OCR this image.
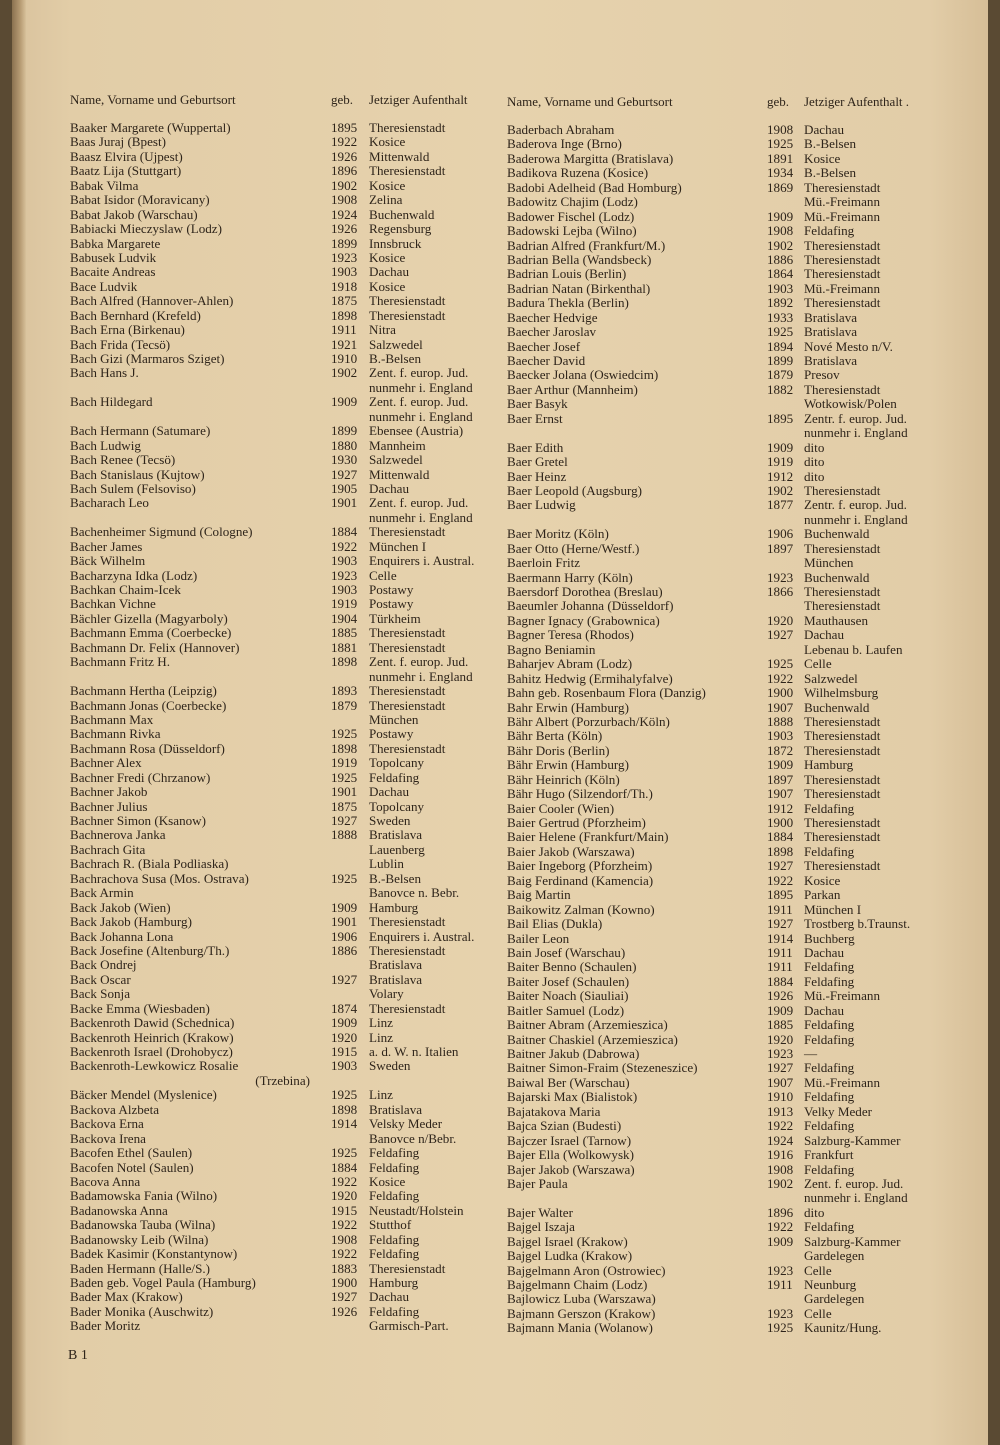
Name, Vorname und Geburtsort
Baaker Margarete (Wuppertal)
Baas Juraj (Bpest)
Baasz Elvira (Ujpest)
Baatz Lija (Stuttgart)
Babak Vilma
Babat Isidor (Moravicany)
Babat Jakob (Warschau)
Babiacki Mieczyslaw (Lodz)
Babka Margarete
Babusek Ludvik
Bacaite Andreas
Bace Ludvik
Bach Alfred (Hannover-Ahlen)
Bach Bernhard (Krefeld)
Bach Erna (Birkenau)
Bach Frida (Tecsö)
Bach Gizi (Marmaros Sziget)
Bach Hans J.
Bach Hildegard
Bach Hermann (Satumare)
Bach Ludwig
Bach Renee (Tecsö)
Bach Stanislaus (Kujtow)
Bach Sulem (Felsoviso)
Bacharach Leo
Bachenheimer Sigmund (Cologne)
Bacher James
Bäck Wilhelm
Bacharzyna Idka (Lodz)
Bachkan Chaim-Icek
Bachkan Vichne
Bächler Gizella (Magyarboly)
Bachmann Emma (Coerbecke)
Bachmann Dr. Felix (Hannover)
Bachmann Fritz H.
Bachmann Hertha (Leipzig)
Bachmann Jonas (Coerbecke)
Bachmann Max
Bachmann Rivka
Bachmann Rosa (Düsseldorf)
Bachner Alex
Bachner Fredi (Chrzanow)
Bachner Jakob
Bachner Julius
Bachner Simon (Ksanow)
Bachnerova Janka
Bachrach Gita
Bachrach R. (Biala Podliaska)
Bachrachova Susa (Mos. Ostrava)
Back Armin
Back Jakob (Wien)
Back Jakob (Hamburg)
Back Johanna Lona
Back Josefine (Altenburg/Th.)
Back Ondrej
Back Oscar
Back Sonja
Backe Emma (Wiesbaden)
Backenroth Dawid (Schednica)
Backenroth Heinrich (Krakow)
Backenroth Israel (Drohobycz)
Backenroth-Lewkowicz Rosalie
(Trzebina)
Bäcker Mendel (Myslenice)
Backova Alzbeta
Backova Erna
Backova Irena
Bacofen Ethel (Saulen)
Bacofen Notel (Saulen)
Bacova Anna
Badamowska Fania (Wilno)
Badanowska Anna
Badanowska Tauba (Wilna)
Badanowsky Leib (Wilna)
Badek Kasimir (Konstantynow)
Baden Hermann (Halle/S.)
Baden geb. Vogel Paula (Hamburg)
Bader Max (Krakow)
Bader Monika (Auschwitz)
Bader Moritz
geb.
1895
1922
1926
1896
1902
1908
1924
1926
1899
1923
1903
1918
1875
1898
1911
1921
1910
1902
1909
1899
1880
1930
1927
1905
1901
1884
1922
1903
1923
1903
1919
1904
1885
1881
1898
1893
1879
1925
1898
1919
1925
1901
1875
1927
1888
1925
1909
1901
1906
1886
1927
1874
1909
1920
1915
1903
1925
1898
1914
1925
1884
1922
1920
1915
1922
1908
1922
1883
1900
1927
1926
Jetziger Aufenthalt
Theresienstadt
Kosice
Mittenwald
Theresienstadt
Kosice
Zelina
Buchenwald
Regensburg
Innsbruck
Kosice
Dachau
Kosice
Theresienstadt
Theresienstadt
Nitra
Salzwedel
B.-Belsen
Zent. f. europ. Jud.
nunmehr i. England
Zent. f. europ. Jud.
nunmehr i. England
Ebensee (Austria)
Mannheim
Salzwedel
Mittenwald
Dachau
Zent. f. europ. Jud.
nunmehr i. England
Theresienstadt
München I
Enquirers i. Austral.
Celle
Postawy
Postawy
Türkheim
Theresienstadt
Theresienstadt
Zent. f. europ. Jud.
nunmehr i. England
Theresienstadt
Theresienstadt
München
Postawy
Theresienstadt
Topolcany
Feldafing
Dachau
Topolcany
Sweden
Bratislava
Lauenberg
Lublin
B.-Belsen
Banovce n. Bebr.
Hamburg
Theresienstadt
Enquirers i. Austral.
Theresienstadt
Bratislava
Bratislava
Volary
Theresienstadt
Linz
Linz
a. d. W. n. Italien
Sweden
Linz
Bratislava
Velsky Meder
Banovce n/Bebr.
Feldafing
Feldafing
Kosice
Feldafing
Neustadt/Holstein
Stutthof
Feldafing
Feldafing
Theresienstadt
Hamburg
Dachau
Feldafing
Garmisch-Part.
Name, Vorname und Geburtsort
Baderbach Abraham
Baderova Inge (Brno)
Baderowa Margitta (Bratislava)
Badikova Ruzena (Kosice)
Badobi Adelheid (Bad Homburg)
Badowitz Chajim (Lodz)
Badower Fischel (Lodz)
Badowski Lejba (Wilno)
Badrian Alfred (Frankfurt/M.)
Badrian Bella (Wandsbeck)
Badrian Louis (Berlin)
Badrian Natan (Birkenthal)
Badura Thekla (Berlin)
Baecher Hedvige
Baecher Jaroslav
Baecher Josef
Baecher David
Baecker Jolana (Oswiedcim)
Baer Arthur (Mannheim)
Baer Basyk
Baer Ernst
Baer Edith
Baer Gretel
Baer Heinz
Baer Leopold (Augsburg)
Baer Ludwig
Baer Moritz (Köln)
Baer Otto (Herne/Westf.)
Baerloin Fritz
Baermann Harry (Köln)
Baersdorf Dorothea (Breslau)
Baeumler Johanna (Düsseldorf)
Bagner Ignacy (Grabownica)
Bagner Teresa (Rhodos)
Bagno Beniamin
Baharjev Abram (Lodz)
Bahitz Hedwig (Ermihalyfalve)
Bahn geb. Rosenbaum Flora (Danzig)
Bahr Erwin (Hamburg)
Bähr Albert (Porzurbach/Köln)
Bähr Berta (Köln)
Bähr Doris (Berlin)
Bähr Erwin (Hamburg)
Bähr Heinrich (Köln)
Bähr Hugo (Silzendorf/Th.)
Baier Cooler (Wien)
Baier Gertrud (Pforzheim)
Baier Helene (Frankfurt/Main)
Baier Jakob (Warszawa)
Baier Ingeborg (Pforzheim)
Baig Ferdinand (Kamencia)
Baig Martin
Baikowitz Zalman (Kowno)
Bail Elias (Dukla)
Bailer Leon
Bain Josef (Warschau)
Baiter Benno (Schaulen)
Baiter Josef (Schaulen)
Baiter Noach (Siauliai)
Baitler Samuel (Lodz)
Baitner Abram (Arzemieszica)
Baitner Chaskiel (Arzemieszica)
Baitner Jakub (Dabrowa)
Baitner Simon-Fraim (Stezeneszice)
Baiwal Ber (Warschau)
Bajarski Max (Bialistok)
Bajatakova Maria
Bajca Szian (Budesti)
Bajczer Israel (Tarnow)
Bajer Ella (Wolkowysk)
Bajer Jakob (Warszawa)
Bajer Paula
Bajer Walter
Bajgel Iszaja
Bajgel Israel (Krakow)
Bajgel Ludka (Krakow)
Bajgelmann Aron (Ostrowiec)
Bajgelmann Chaim (Lodz)
Bajlowicz Luba (Warszawa)
Bajmann Gerszon (Krakow)
Bajmann Mania (Wolanow)
geb.
1908
1925
1891
1934
1869
1909
1908
1902
1886
1864
1903
1892
1933
1925
1894
1899
1879
1882
1895
1909
1919
1912
1902
1877
1906
1897
1923
1866
1920
1927
1925
1922
1900
1907
1888
1903
1872
1909
1897
1907
1912
1900
1884
1898
1927
1922
1895
1911
1927
1914
1911
1911
1884
1926
1909
1885
1920
1923
1927
1907
1910
1913
1922
1924
1916
1908
1902
1896
1922
1909
1923
1911
1923
1925
Jetziger Aufenthalt .
Dachau
B.-Belsen
Kosice
B.-Belsen
Theresienstadt
Mü.-Freimann
Mü.-Freimann
Feldafing
Theresienstadt
Theresienstadt
Theresienstadt
Mü.-Freimann
Theresienstadt
Bratislava
Bratislava
Nové Mesto n/V.
Bratislava
Presov
Theresienstadt
Wotkowisk/Polen
Zentr. f. europ. Jud.
nunmehr i. England
dito
dito
dito
Theresienstadt
Zentr. f. europ. Jud.
nunmehr i. England
Buchenwald
Theresienstadt
München
Buchenwald
Theresienstadt
Theresienstadt
Mauthausen
Dachau
Lebenau b. Laufen
Celle
Salzwedel
Wilhelmsburg
Buchenwald
Theresienstadt
Theresienstadt
Theresienstadt
Hamburg
Theresienstadt
Theresienstadt
Feldafing
Theresienstadt
Theresienstadt
Feldafing
Theresienstadt
Kosice
Parkan
München I
Trostberg b.Traunst.
Buchberg
Dachau
Feldafing
Feldafing
Mü.-Freimann
Dachau
Feldafing
Feldafing
—
Feldafing
Mü.-Freimann
Feldafing
Velky Meder
Feldafing
Salzburg-Kammer
Frankfurt
Feldafing
Zent. f. europ. Jud.
nunmehr i. England
dito
Feldafing
Salzburg-Kammer
Gardelegen
Celle
Neunburg
Gardelegen
Celle
Kaunitz/Hung.
B 1
